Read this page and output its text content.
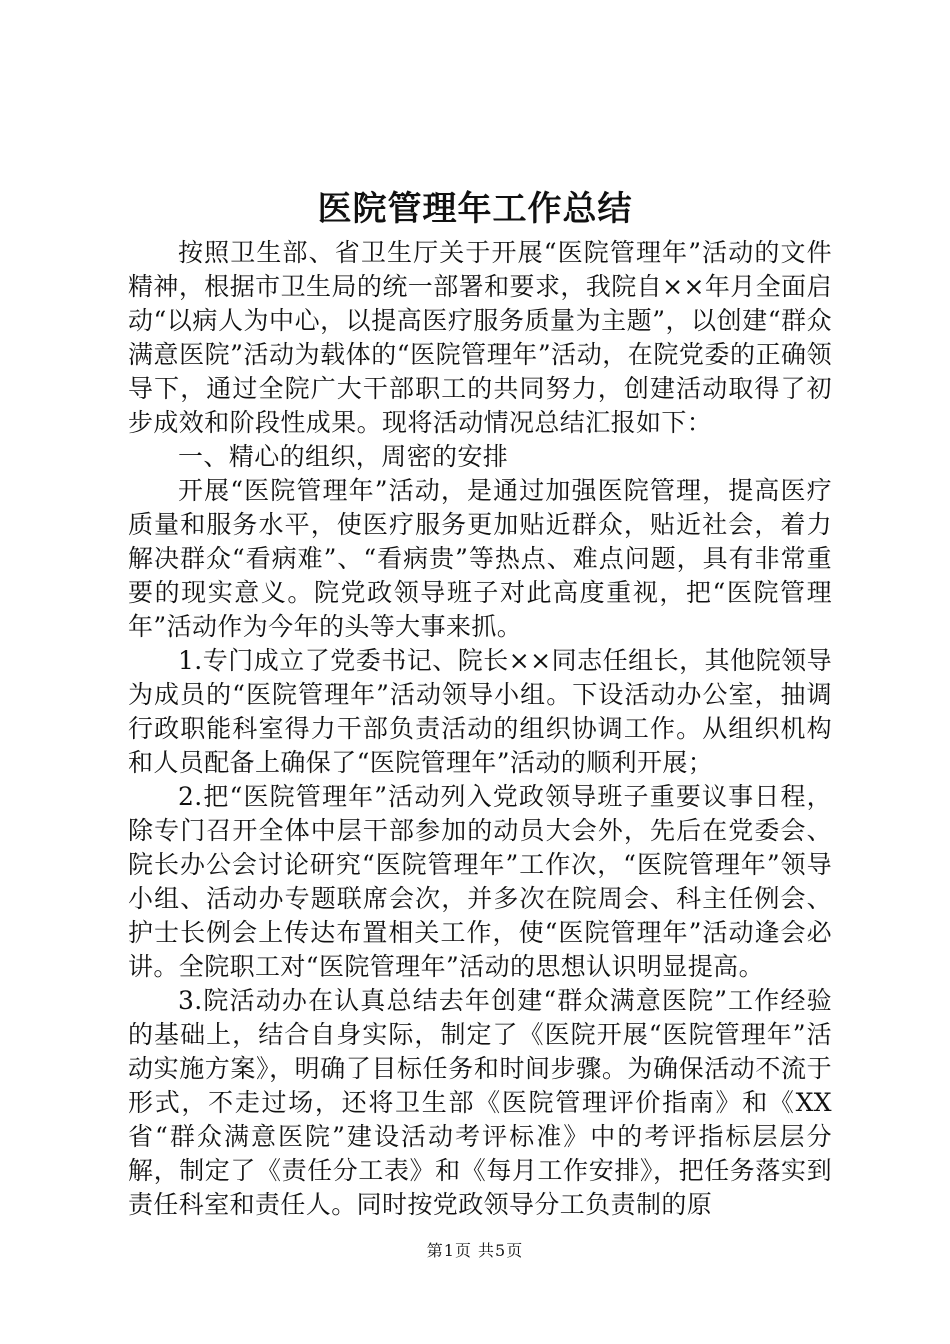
医院管理年工作总结

按照卫生部、省卫生厅关于开展“医院管理年”活动的文件精神，根据市卫生局的统一部署和要求，我院自××年月全面启动“以病人为中心，以提高医疗服务质量为主题”，以创建“群众满意医院”活动为载体的“医院管理年”活动，在院党委的正确领导下，通过全院广大干部职工的共同努力，创建活动取得了初步成效和阶段性成果。现将活动情况总结汇报如下：

一、精心的组织，周密的安排

开展“医院管理年”活动，是通过加强医院管理，提高医疗质量和服务水平，使医疗服务更加贴近群众，贴近社会，着力解决群众“看病难”、“看病贵”等热点、难点问题，具有非常重要的现实意义。院党政领导班子对此高度重视，把“医院管理年”活动作为今年的头等大事来抓。

1.专门成立了党委书记、院长××同志任组长，其他院领导为成员的“医院管理年”活动领导小组。下设活动办公室，抽调行政职能科室得力干部负责活动的组织协调工作。从组织机构和人员配备上确保了“医院管理年”活动的顺利开展；

2.把“医院管理年”活动列入党政领导班子重要议事日程，除专门召开全体中层干部参加的动员大会外，先后在党委会、院长办公会讨论研究“医院管理年”工作次，“医院管理年”领导小组、活动办专题联席会次，并多次在院周会、科主任例会、护士长例会上传达布置相关工作，使“医院管理年”活动逢会必讲。全院职工对“医院管理年”活动的思想认识明显提高。

3.院活动办在认真总结去年创建“群众满意医院”工作经验的基础上，结合自身实际，制定了《医院开展“医院管理年”活动实施方案》，明确了目标任务和时间步骤。为确保活动不流于形式，不走过场，还将卫生部《医院管理评价指南》和《XX省“群众满意医院”建设活动考评标准》中的考评指标层层分解，制定了《责任分工表》和《每月工作安排》，把任务落实到责任科室和责任人。同时按党政领导分工负责制的原

第1页 共5页
